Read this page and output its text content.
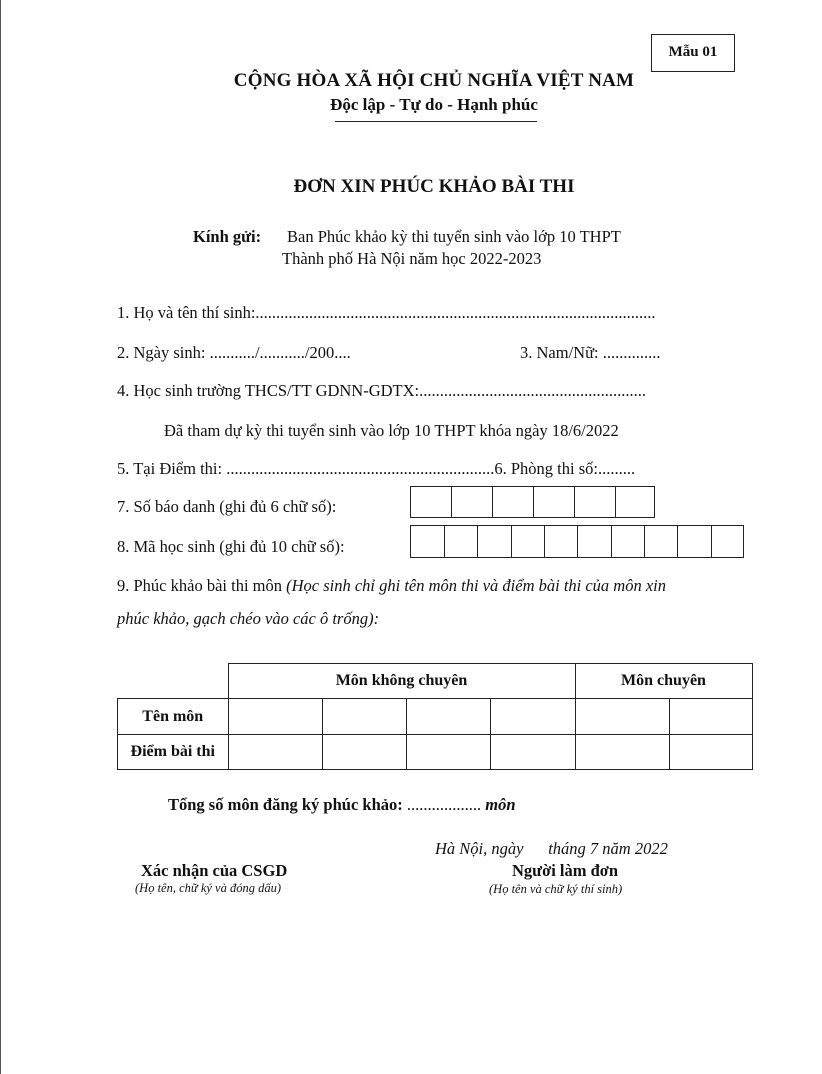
Mẫu 01
CỘNG HÒA XÃ HỘI CHỦ NGHĨA VIỆT NAM
Độc lập - Tự do - Hạnh phúc
ĐƠN XIN PHÚC KHẢO BÀI THI
Kính gửi: Ban Phúc khảo kỳ thi tuyển sinh vào lớp 10 THPT
Thành phố Hà Nội năm học 2022-2023
1. Họ và tên thí sinh:.................................................................................................
2. Ngày sinh: .........../.........../200....	3. Nam/Nữ: ..............
4. Học sinh trường THCS/TT GDNN-GDTX:.......................................................
Đã tham dự kỳ thi tuyển sinh vào lớp 10 THPT khóa ngày 18/6/2022
5. Tại Điểm thi: .................................................................6. Phòng thi số:.........
7. Số báo danh (ghi đủ 6 chữ số):
8. Mã học sinh (ghi đủ 10 chữ số):
9. Phúc khảo bài thi môn (Học sinh chỉ ghi tên môn thi và điểm bài thi của môn xin
phúc khảo, gạch chéo vào các ô trống):
	Môn không chuyên				Môn chuyên	
Tên môn						
Điểm bài thi						
Tổng số môn đăng ký phúc khảo: .................. môn
Hà Nội, ngày      tháng 7 năm 2022
Xác nhận của CSGD
(Họ tên, chữ ký và đóng dấu)
Người làm đơn
(Họ tên và chữ ký thí sinh)
